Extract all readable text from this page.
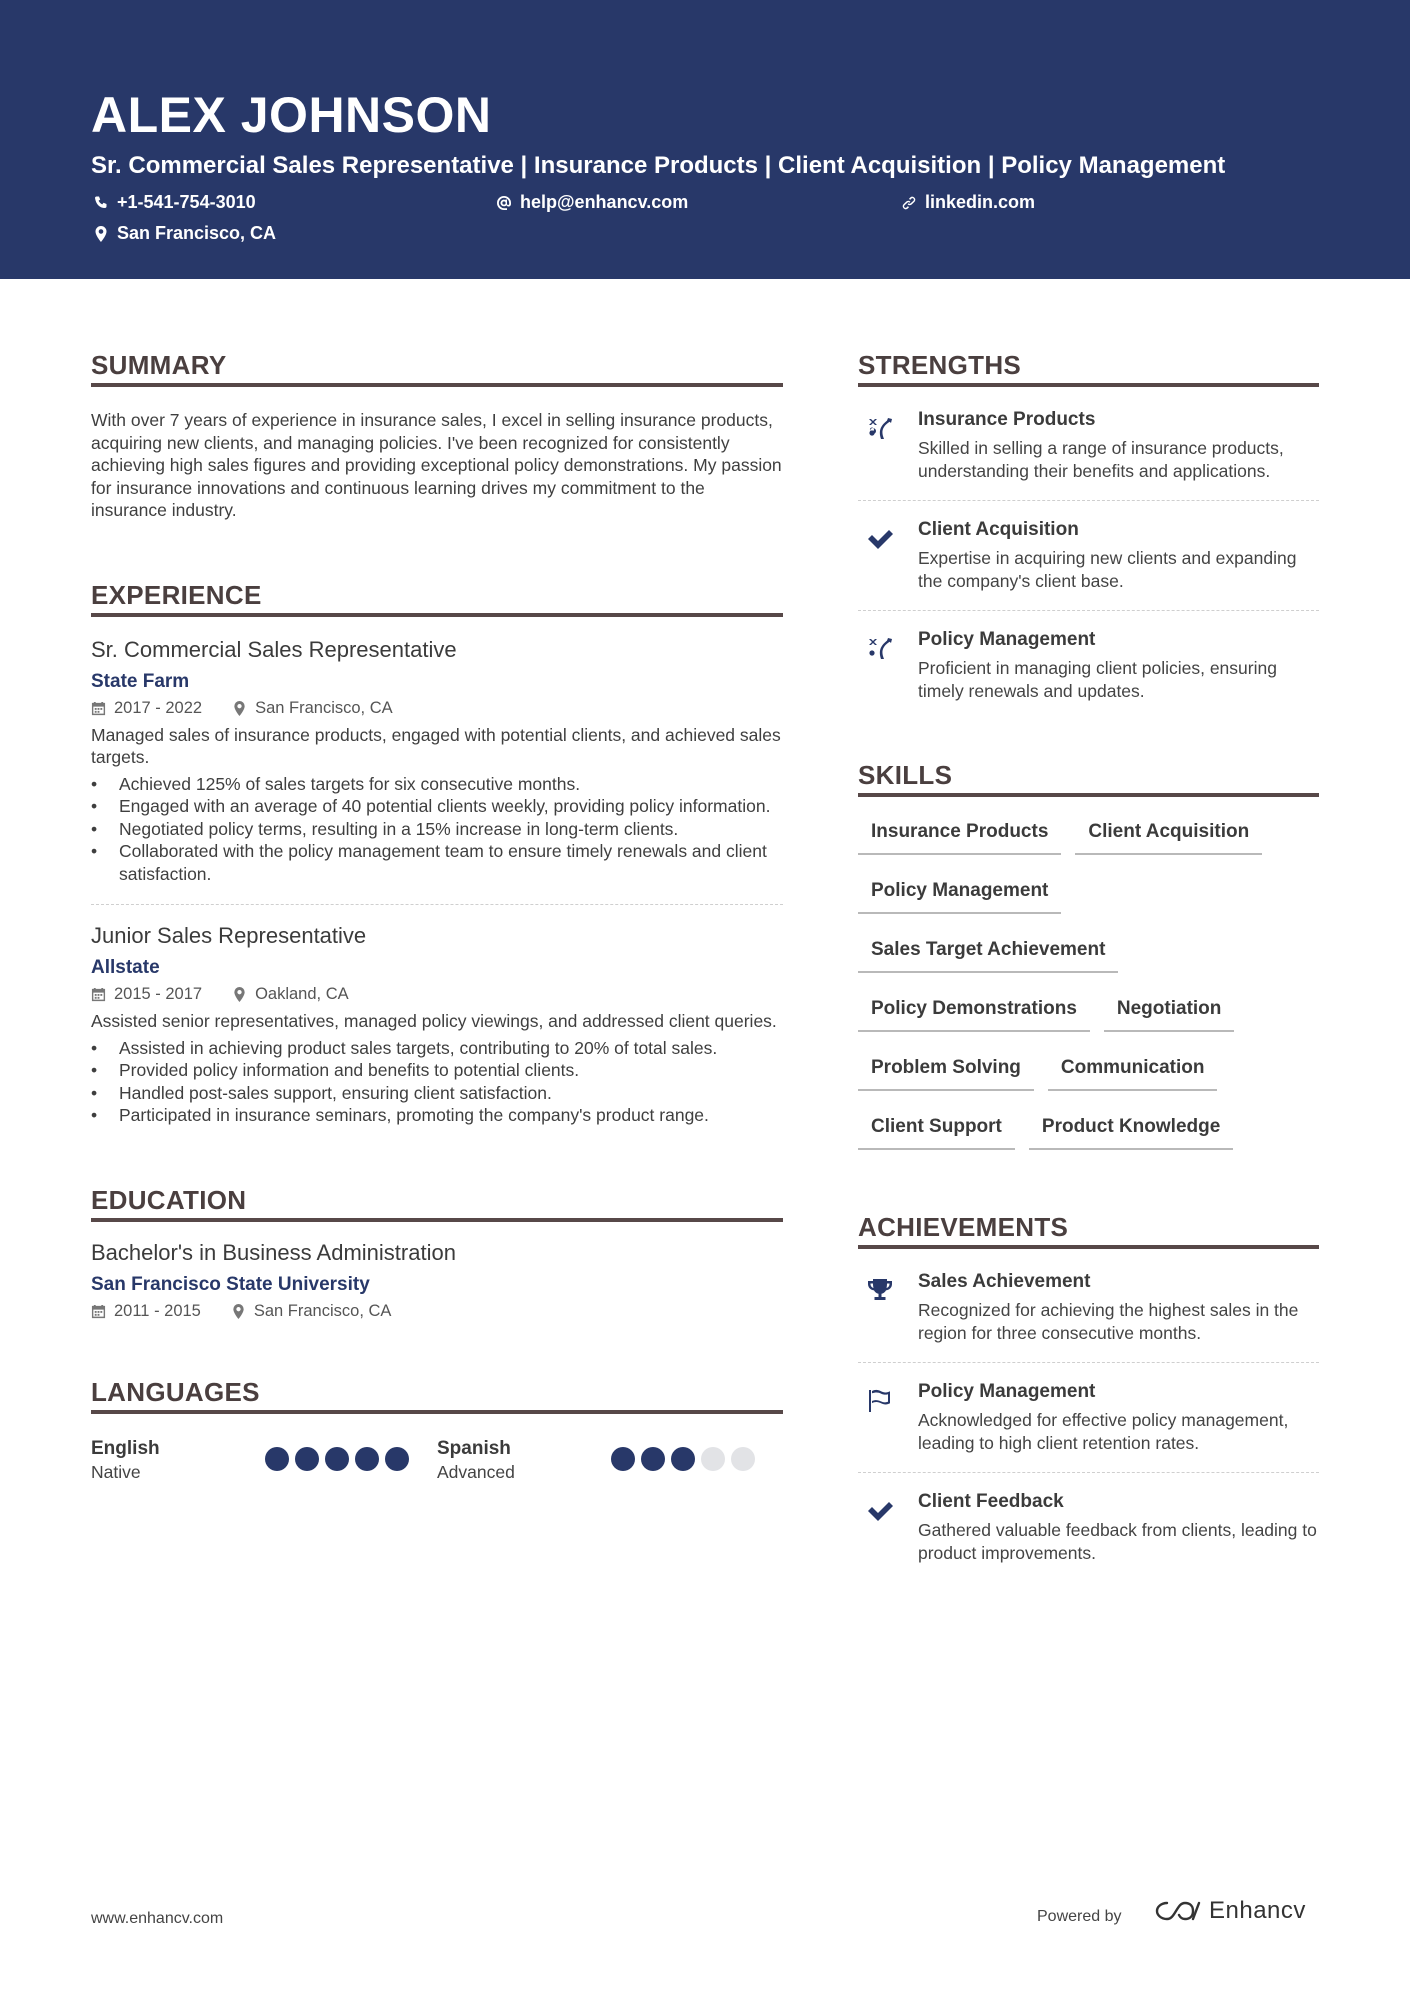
ALEX JOHNSON
Sr. Commercial Sales Representative | Insurance Products | Client Acquisition | Policy Management
+1-541-754-3010	help@enhancv.com	linkedin.com
San Francisco, CA
SUMMARY
With over 7 years of experience in insurance sales, I excel in selling insurance products, acquiring new clients, and managing policies. I've been recognized for consistently achieving high sales figures and providing exceptional policy demonstrations. My passion for insurance innovations and continuous learning drives my commitment to the insurance industry.
EXPERIENCE
Sr. Commercial Sales Representative
State Farm
2017 - 2022	San Francisco, CA
Managed sales of insurance products, engaged with potential clients, and achieved sales targets.
• Achieved 125% of sales targets for six consecutive months.
• Engaged with an average of 40 potential clients weekly, providing policy information.
• Negotiated policy terms, resulting in a 15% increase in long-term clients.
• Collaborated with the policy management team to ensure timely renewals and client satisfaction.
Junior Sales Representative
Allstate
2015 - 2017	Oakland, CA
Assisted senior representatives, managed policy viewings, and addressed client queries.
• Assisted in achieving product sales targets, contributing to 20% of total sales.
• Provided policy information and benefits to potential clients.
• Handled post-sales support, ensuring client satisfaction.
• Participated in insurance seminars, promoting the company's product range.
EDUCATION
Bachelor's in Business Administration
San Francisco State University
2011 - 2015	San Francisco, CA
LANGUAGES
English
Native
Spanish
Advanced
STRENGTHS
Insurance Products
Skilled in selling a range of insurance products, understanding their benefits and applications.
Client Acquisition
Expertise in acquiring new clients and expanding the company's client base.
Policy Management
Proficient in managing client policies, ensuring timely renewals and updates.
SKILLS
Insurance Products	Client Acquisition
Policy Management
Sales Target Achievement
Policy Demonstrations	Negotiation
Problem Solving	Communication
Client Support	Product Knowledge
ACHIEVEMENTS
Sales Achievement
Recognized for achieving the highest sales in the region for three consecutive months.
Policy Management
Acknowledged for effective policy management, leading to high client retention rates.
Client Feedback
Gathered valuable feedback from clients, leading to product improvements.
www.enhancv.com	Powered by	Enhancv
